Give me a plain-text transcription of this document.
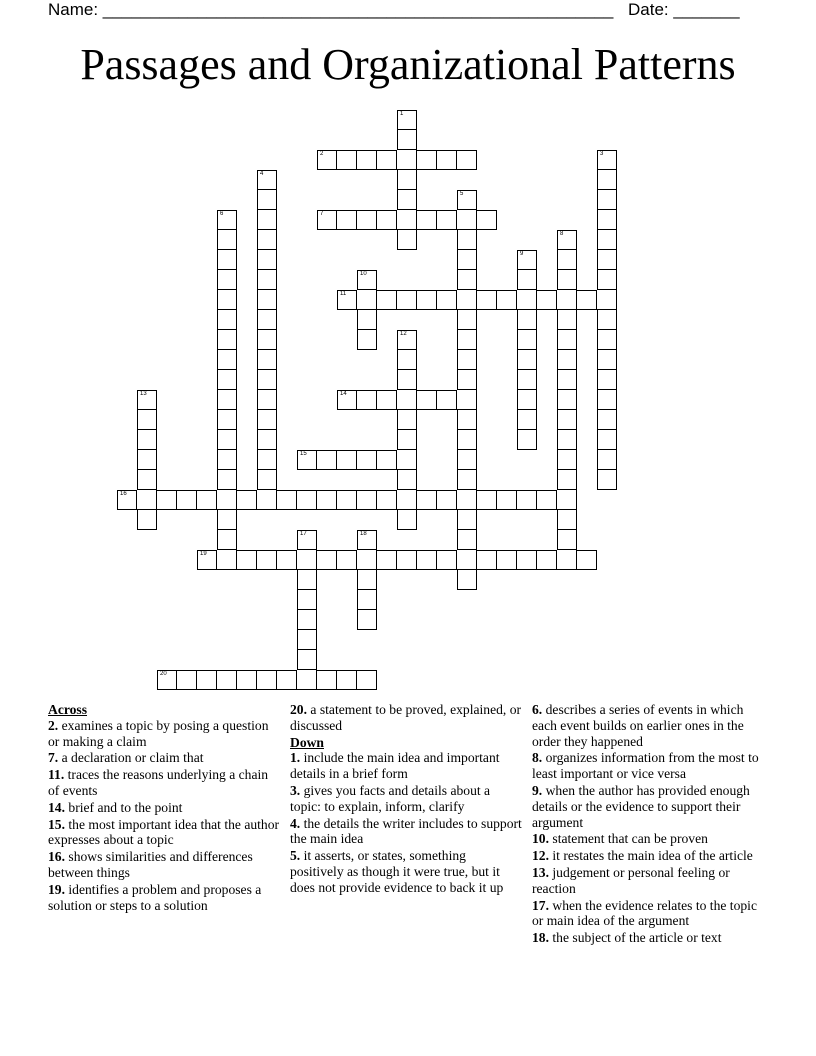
Name: ______________________________________________________ Date: _______
Passages and Organizational Patterns
1
2	3
4
5
6	7
8
9
10
11
12
13	14
15
16
17	18
19
20

Across

2. examines a topic by posing a question or making a claim

7. a declaration or claim that

11. traces the reasons underlying a chain of events

14. brief and to the point

15. the most important idea that the author expresses about a topic

16. shows similarities and differences between things

19. identifies a problem and proposes a solution or steps to a solution

20. a statement to be proved, explained, or discussed

Down

1. include the main idea and important details in a brief form

3. gives you facts and details about a topic: to explain, inform, clarify

4. the details the writer includes to support the main idea

5. it asserts, or states, something positively as though it were true, but it does not provide evidence to back it up

6. describes a series of events in which each event builds on earlier ones in the order they happened

8. organizes information from the most to least important or vice versa

9. when the author has provided enough details or the evidence to support their argument

10. statement that can be proven

12. it restates the main idea of the article

13. judgement or personal feeling or reaction

17. when the evidence relates to the topic or main idea of the argument

18. the subject of the article or text
